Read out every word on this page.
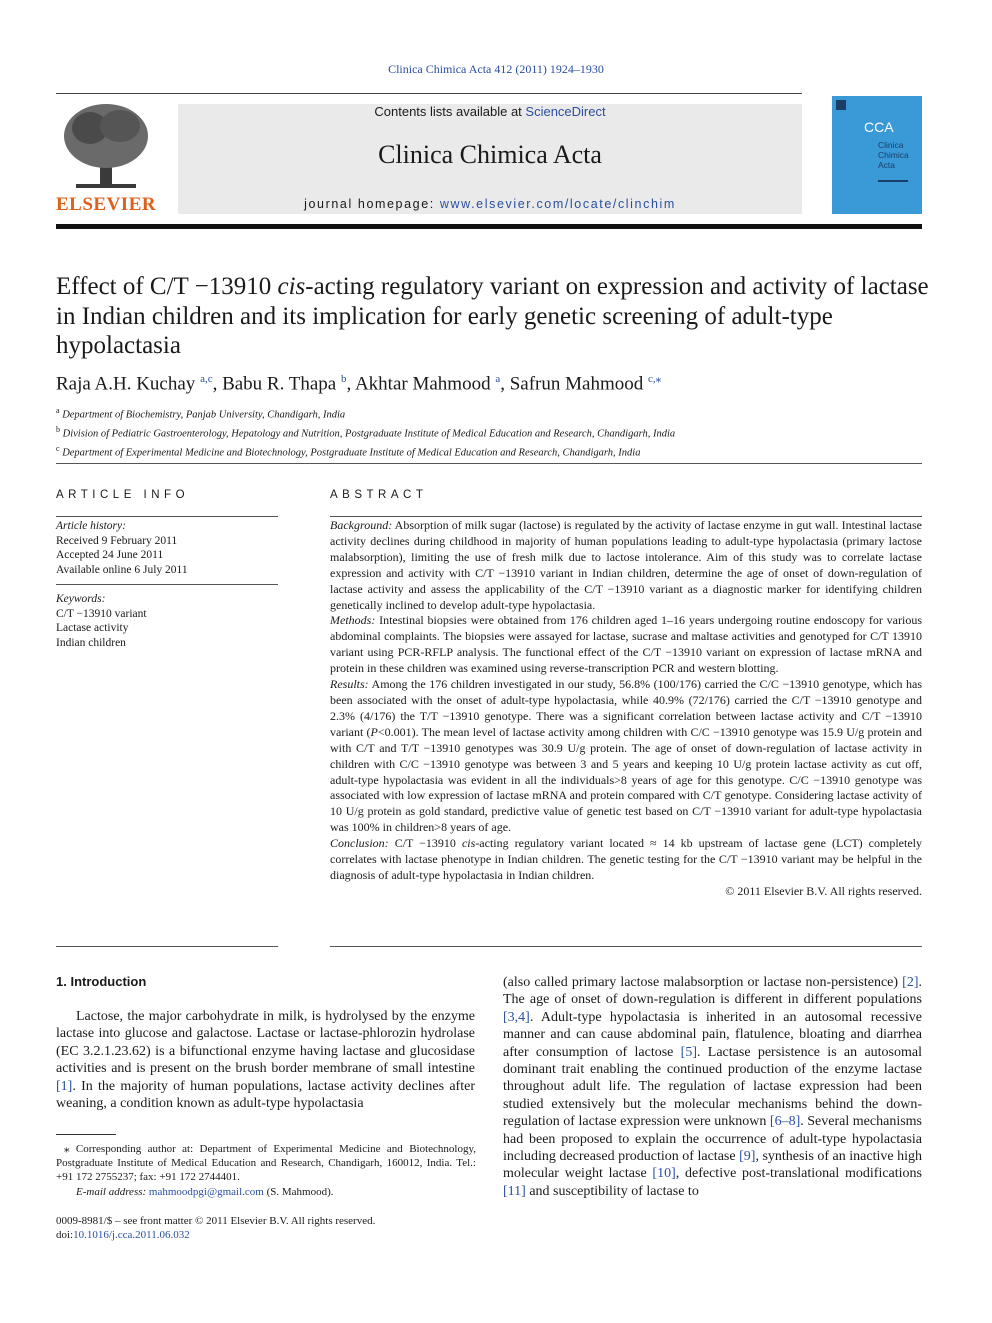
Clinica Chimica Acta 412 (2011) 1924–1930
ELSEVIER
Contents lists available at ScienceDirect
Clinica Chimica Acta
journal homepage: www.elsevier.com/locate/clinchim
CCA
Clinica
Chimica
Acta
Effect of C/T −13910 cis-acting regulatory variant on expression and activity of lactase in Indian children and its implication for early genetic screening of adult-type hypolactasia
Raja A.H. Kuchay $^{a,c}$, Babu R. Thapa $^b$, Akhtar Mahmood $^a$, Safrun Mahmood $^{c,⁎}$
$^a$ Department of Biochemistry, Panjab University, Chandigarh, India
$^b$ Division of Pediatric Gastroenterology, Hepatology and Nutrition, Postgraduate Institute of Medical Education and Research, Chandigarh, India
$^c$ Department of Experimental Medicine and Biotechnology, Postgraduate Institute of Medical Education and Research, Chandigarh, India
ARTICLE INFO
Article history:
Received 9 February 2011
Accepted 24 June 2011
Available online 6 July 2011
Keywords:
C/T −13910 variant
Lactase activity
Indian children
ABSTRACT

Background: Absorption of milk sugar (lactose) is regulated by the activity of lactase enzyme in gut wall. Intestinal lactase activity declines during childhood in majority of human populations leading to adult-type hypolactasia (primary lactose malabsorption), limiting the use of fresh milk due to lactose intolerance. Aim of this study was to correlate lactase expression and activity with C/T −13910 variant in Indian children, determine the age of onset of down-regulation of lactase activity and assess the applicability of the C/T −13910 variant as a diagnostic marker for identifying children genetically inclined to develop adult-type hypolactasia.

Methods: Intestinal biopsies were obtained from 176 children aged 1–16 years undergoing routine endoscopy for various abdominal complaints. The biopsies were assayed for lactase, sucrase and maltase activities and genotyped for C/T 13910 variant using PCR-RFLP analysis. The functional effect of the C/T −13910 variant on expression of lactase mRNA and protein in these children was examined using reverse-transcription PCR and western blotting.

Results: Among the 176 children investigated in our study, 56.8% (100/176) carried the C/C −13910 genotype, which has been associated with the onset of adult-type hypolactasia, while 40.9% (72/176) carried the C/T −13910 genotype and 2.3% (4/176) the T/T −13910 genotype. There was a significant correlation between lactase activity and C/T −13910 variant (P<0.001). The mean level of lactase activity among children with C/C −13910 genotype was 15.9 U/g protein and with C/T and T/T −13910 genotypes was 30.9 U/g protein. The age of onset of down-regulation of lactase activity in children with C/C −13910 genotype was between 3 and 5 years and keeping 10 U/g protein lactase activity as cut off, adult-type hypolactasia was evident in all the individuals>8 years of age for this genotype. C/C −13910 genotype was associated with low expression of lactase mRNA and protein compared with C/T genotype. Considering lactase activity of 10 U/g protein as gold standard, predictive value of genetic test based on C/T −13910 variant for adult-type hypolactasia was 100% in children>8 years of age.

Conclusion: C/T −13910 cis-acting regulatory variant located ≈ 14 kb upstream of lactase gene (LCT) completely correlates with lactase phenotype in Indian children. The genetic testing for the C/T −13910 variant may be helpful in the diagnosis of adult-type hypolactasia in Indian children.

© 2011 Elsevier B.V. All rights reserved.

1. Introduction

Lactose, the major carbohydrate in milk, is hydrolysed by the enzyme lactase into glucose and galactose. Lactase or lactase-phlorozin hydrolase (EC 3.2.1.23.62) is a bifunctional enzyme having lactase and glucosidase activities and is present on the brush border membrane of small intestine [1]. In the majority of human populations, lactase activity declines after weaning, a condition known as adult-type hypolactasia

(also called primary lactose malabsorption or lactase non-persistence) [2]. The age of onset of down-regulation is different in different populations [3,4]. Adult-type hypolactasia is inherited in an autosomal recessive manner and can cause abdominal pain, flatulence, bloating and diarrhea after consumption of lactose [5]. Lactase persistence is an autosomal dominant trait enabling the continued production of the enzyme lactase throughout adult life. The regulation of lactase expression had been studied extensively but the molecular mechanisms behind the down-regulation of lactase expression were unknown [6–8]. Several mechanisms had been proposed to explain the occurrence of adult-type hypolactasia including decreased production of lactase [9], synthesis of an inactive high molecular weight lactase [10], defective post-translational modifications [11] and susceptibility of lactase to

⁎ Corresponding author at: Department of Experimental Medicine and Biotechnology, Postgraduate Institute of Medical Education and Research, Chandigarh, 160012, India. Tel.: +91 172 2755237; fax: +91 172 2744401.
E-mail address: mahmoodpgi@gmail.com (S. Mahmood).
0009-8981/$ – see front matter © 2011 Elsevier B.V. All rights reserved.
doi:10.1016/j.cca.2011.06.032
